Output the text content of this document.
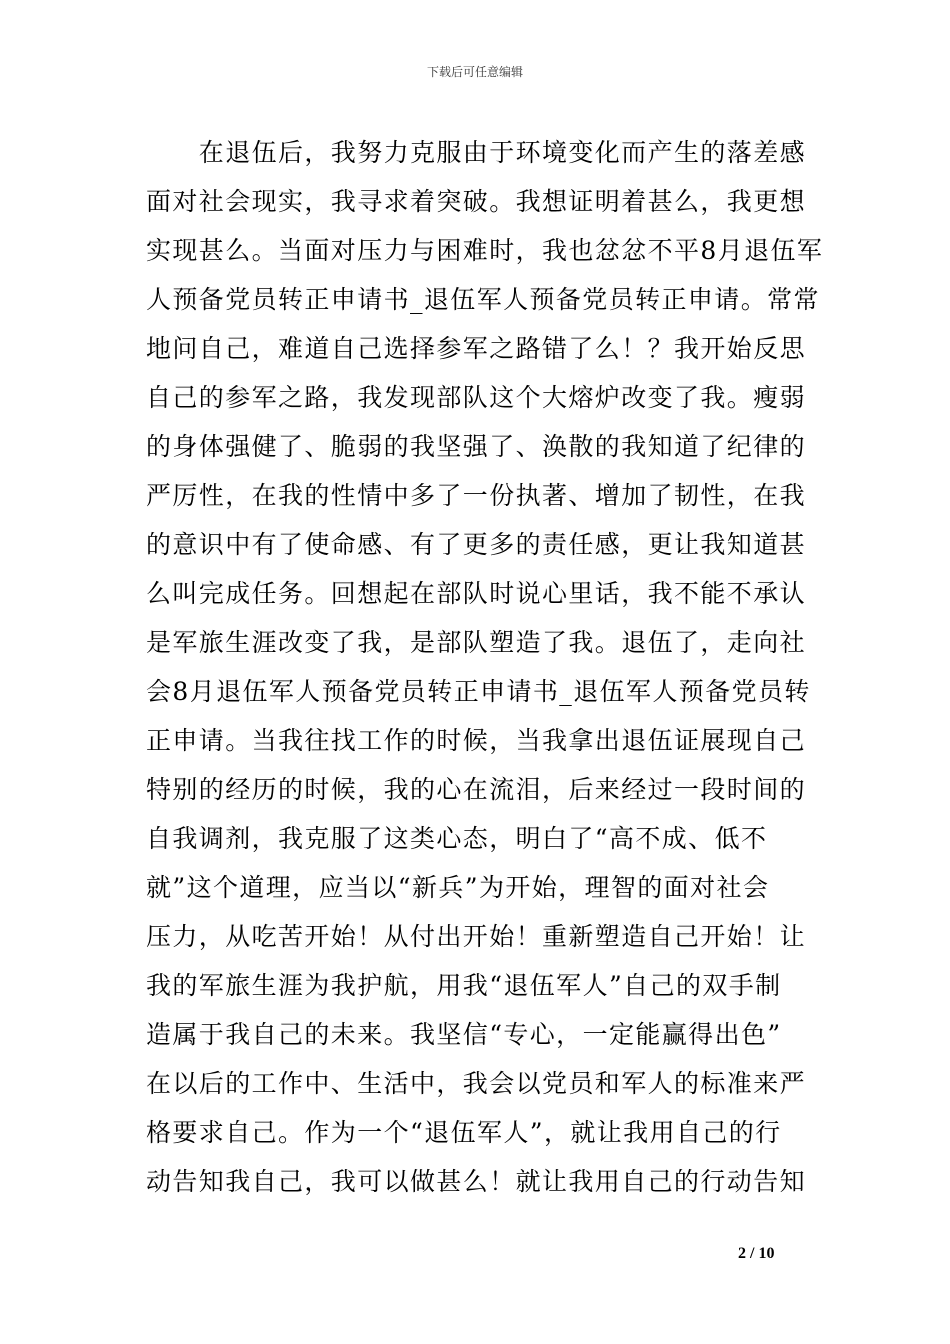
下载后可任意编辑
　　在退伍后，我努力克服由于环境变化而产生的落差感
面对社会现实，我寻求着突破。我想证明着甚么，我更想
实现甚么。当面对压力与困难时，我也忿忿不平8月退伍军
人预备党员转正申请书_退伍军人预备党员转正申请。常常
地问自己，难道自己选择参军之路错了么！？我开始反思
自己的参军之路，我发现部队这个大熔炉改变了我。瘦弱
的身体强健了、脆弱的我坚强了、涣散的我知道了纪律的
严厉性，在我的性情中多了一份执著、增加了韧性，在我
的意识中有了使命感、有了更多的责任感，更让我知道甚
么叫完成任务。回想起在部队时说心里话，我不能不承认
是军旅生涯改变了我，是部队塑造了我。退伍了，走向社
会8月退伍军人预备党员转正申请书_退伍军人预备党员转
正申请。当我往找工作的时候，当我拿出退伍证展现自己
特别的经历的时候，我的心在流泪，后来经过一段时间的
自我调剂，我克服了这类心态，明白了“高不成、低不
就”这个道理，应当以“新兵”为开始，理智的面对社会
压力，从吃苦开始！从付出开始！重新塑造自己开始！让
我的军旅生涯为我护航，用我“退伍军人”自己的双手制
造属于我自己的未来。我坚信“专心，一定能赢得出色”
在以后的工作中、生活中，我会以党员和军人的标准来严
格要求自己。作为一个“退伍军人”，就让我用自己的行
动告知我自己，我可以做甚么！就让我用自己的行动告知
2 / 10
